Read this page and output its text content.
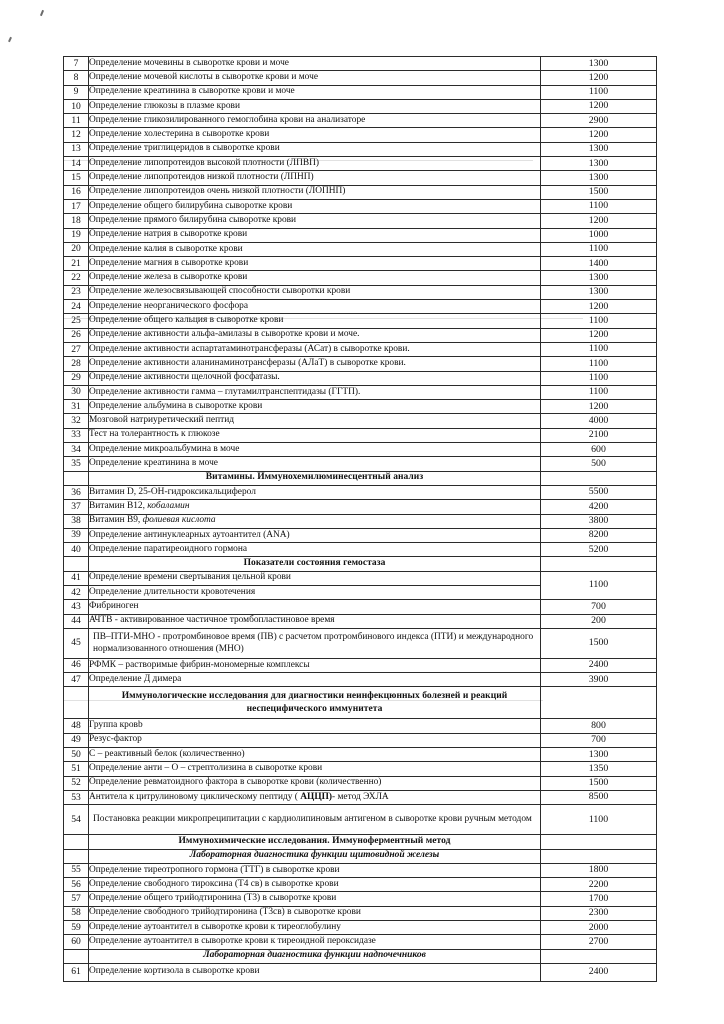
7	Определение мочевины в сыворотке крови и моче	1300
8	Определение мочевой кислоты в сыворотке крови и моче	1200
9	Определение креатинина в сыворотке крови и моче	1100
10	Определение глюкозы в плазме крови	1200
11	Определение гликозилированного гемоглобина крови на анализаторе	2900
12	Определение холестерина в сыворотке крови	1200
13	Определение триглицеридов в сыворотке крови	1300
14	Определение липопротеидов высокой плотности (ЛПВП)	1300
15	Определение липопротеидов низкой плотности (ЛПНП)	1300
16	Определение липопротеидов очень низкой плотности (ЛОПНП)	1500
17	Определение общего билирубина сыворотке крови	1100
18	Определение прямого билирубина сыворотке крови	1200
19	Определение натрия в сыворотке крови	1000
20	Определение калия в сыворотке крови	1100
21	Определение магния в сыворотке крови	1400
22	Определение железа в сыворотке крови	1300
23	Определение железосвязывающей способности сыворотки крови	1300
24	Определение неорганического фосфора	1200
25	Определение общего кальция в сыворотке крови	1100
26	Определение активности альфа-амилазы в сыворотке крови и моче.	1200
27	Определение активности аспартатаминотрансферазы (АСат) в сыворотке крови.	1100
28	Определение активности аланинаминотрансферазы (АЛаТ) в сыворотке крови.	1100
29	Определение активности щелочной фосфатазы.	1100
30	Определение активности гамма – глутамилтранспептидазы (ГГТП).	1100
31	Определение альбумина в сыворотке крови	1200
32	Мозговой натриуретический пептид	4000
33	Тест на толерантность к глюкозе	2100
34	Определение микроальбумина в моче	600
35	Определение креатинина в моче	500
	Витамины. Иммунохемилюминесцентный анализ	
36	Витамин D, 25-ОН-гидроксикальциферол	5500
37	Витамин В12, кобаламин	4200
38	Витамин В9, фолиевая кислота	3800
39	Определение антинуклеарных аутоантител (ANA)	8200
40	Определение паратиреоидного гормона	5200
	Показатели состояния гемостаза	
41	Определение времени свертывания цельной крови	1100
42	Определение длительности кровотечения	
43	Фибриноген	700
44	АЧТВ - активированное частичное тромбопластиновое время	200
45	ПВ–ПТИ-МНО - протромбиновое время (ПВ) с расчетом протромбинового индекса (ПТИ) и международного нормализованного отношения (МНО)	1500
46	РФМК – растворимые фибрин-мономерные комплексы	2400
47	Определение Д димера	3900
	Иммунологические исследования для диагностики неинфекцюнных болезней и реакций неспецифического иммунитета	
48	Группа кровb	800
49	Резус-фактор	700
50	С – реактивный белок (количественно)	1300
51	Определение анти – О – стрептолизина в сыворотке крови	1350
52	Определение ревматоидного фактора в сыворотке крови (количественно)	1500
53	Антитела к цитрулиновому циклическому пептиду ( АЦЦП)- метод ЭХЛА	8500
54	Постановка реакции микропреципитации с кардиолипиновым антигеном в сыворотке крови ручным методом	1100
	Иммунохимические исследования. Иммуноферментный метод	
	Лабораторная диагностика функции щитовидной железы	
55	Определение тиреотропного гормона (ТТГ) в сыворотке крови	1800
56	Определение свободного тироксина (Т4 св) в сыворотке крови	2200
57	Определение общего трийодтиронина (Т3) в сыворотке крови	1700
58	Определение свободного трийодтиронина (Т3св) в сыворотке крови	2300
59	Определение аутоантител в сыворотке крови к тиреоглобулину	2000
60	Определение аутоантител в сыворотке крови к тиреоидной пероксидазе	2700
	Лабораторная диагностика функции надпочечников	
61	Определение кортизола в сыворотке крови	2400
